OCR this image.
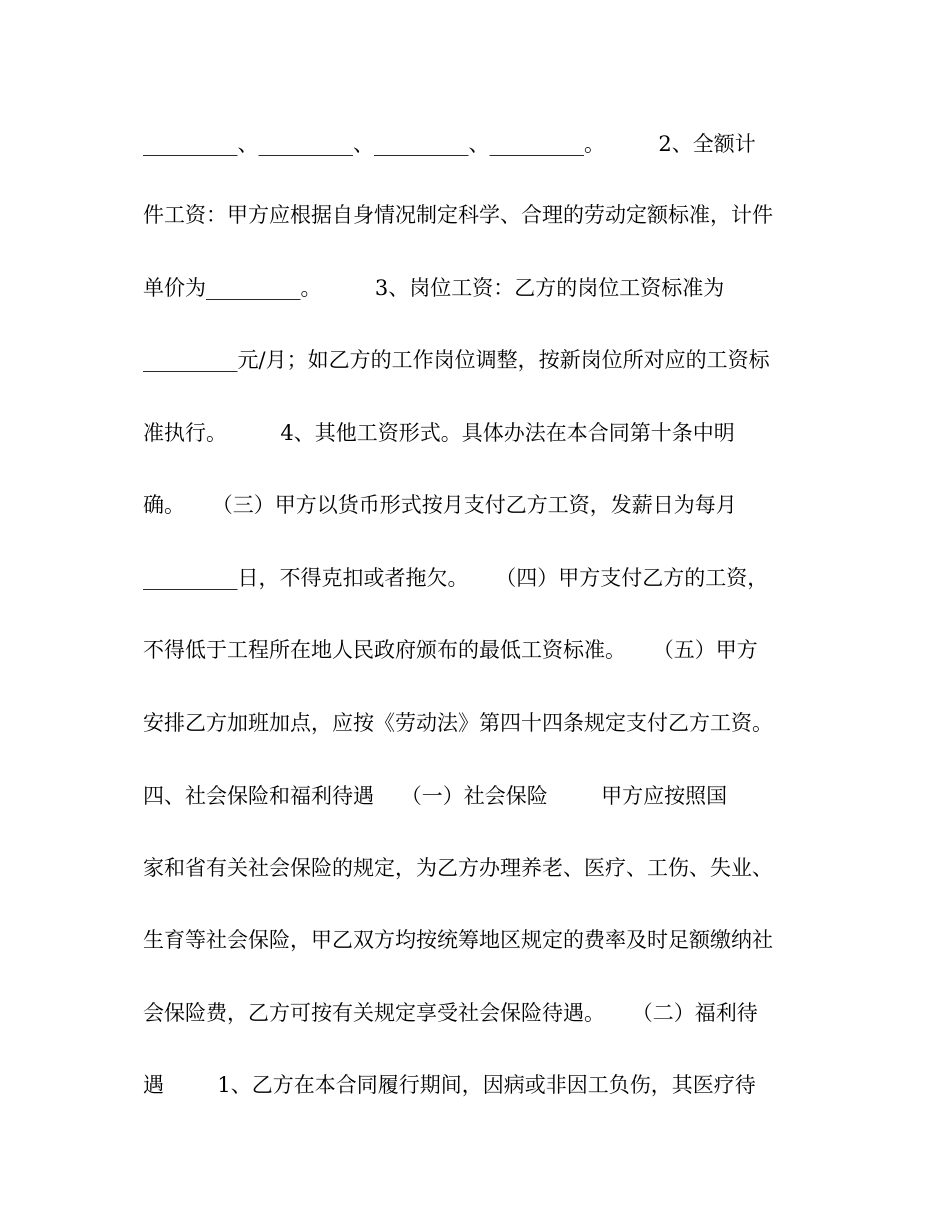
_________、_________、_________、_________。        2、全额计
件工资：甲方应根据自身情况制定科学、合理的劳动定额标准，计件
单价为_________。        3、岗位工资：乙方的岗位工资标准为
_________元/月；如乙方的工作岗位调整，按新岗位所对应的工资标
准执行。        4、其他工资形式。具体办法在本合同第十条中明
确。    （三）甲方以货币形式按月支付乙方工资，发薪日为每月
_________日，不得克扣或者拖欠。    （四）甲方支付乙方的工资，
不得低于工程所在地人民政府颁布的最低工资标准。    （五）甲方
安排乙方加班加点，应按《劳动法》第四十四条规定支付乙方工资。
四、社会保险和福利待遇    （一）社会保险        甲方应按照国
家和省有关社会保险的规定，为乙方办理养老、医疗、工伤、失业、
生育等社会保险，甲乙双方均按统筹地区规定的费率及时足额缴纳社
会保险费，乙方可按有关规定享受社会保险待遇。    （二）福利待
遇        1、乙方在本合同履行期间，因病或非因工负伤，其医疗待
